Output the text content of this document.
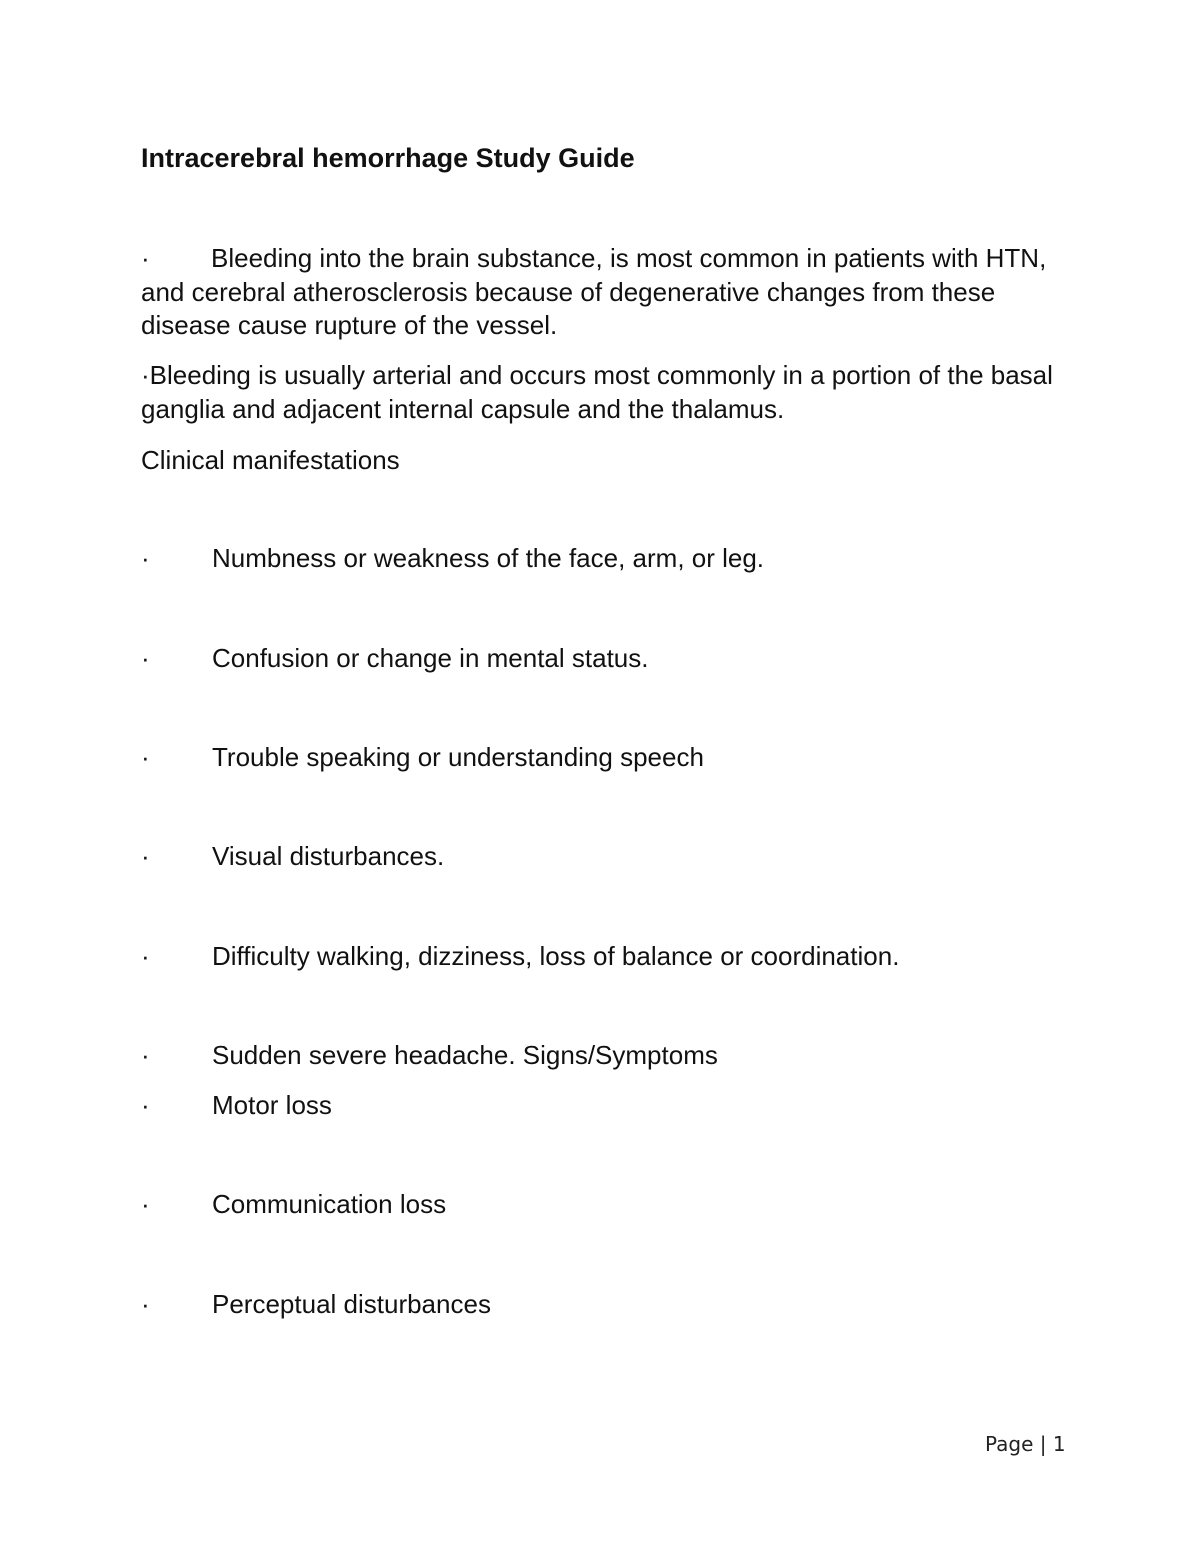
Intracerebral hemorrhage Study Guide

· Bleeding into the brain substance, is most common in patients with HTN, and cerebral atherosclerosis because of degenerative changes from these disease cause rupture of the vessel.

·Bleeding is usually arterial and occurs most commonly in a portion of the basal ganglia and adjacent internal capsule and the thalamus.

Clinical manifestations
· Numbness or weakness of the face, arm, or leg.
· Confusion or change in mental status.
· Trouble speaking or understanding speech
· Visual disturbances.
· Difficulty walking, dizziness, loss of balance or coordination.
· Sudden severe headache. Signs/Symptoms
· Motor loss
· Communication loss
· Perceptual disturbances
Page | 1
